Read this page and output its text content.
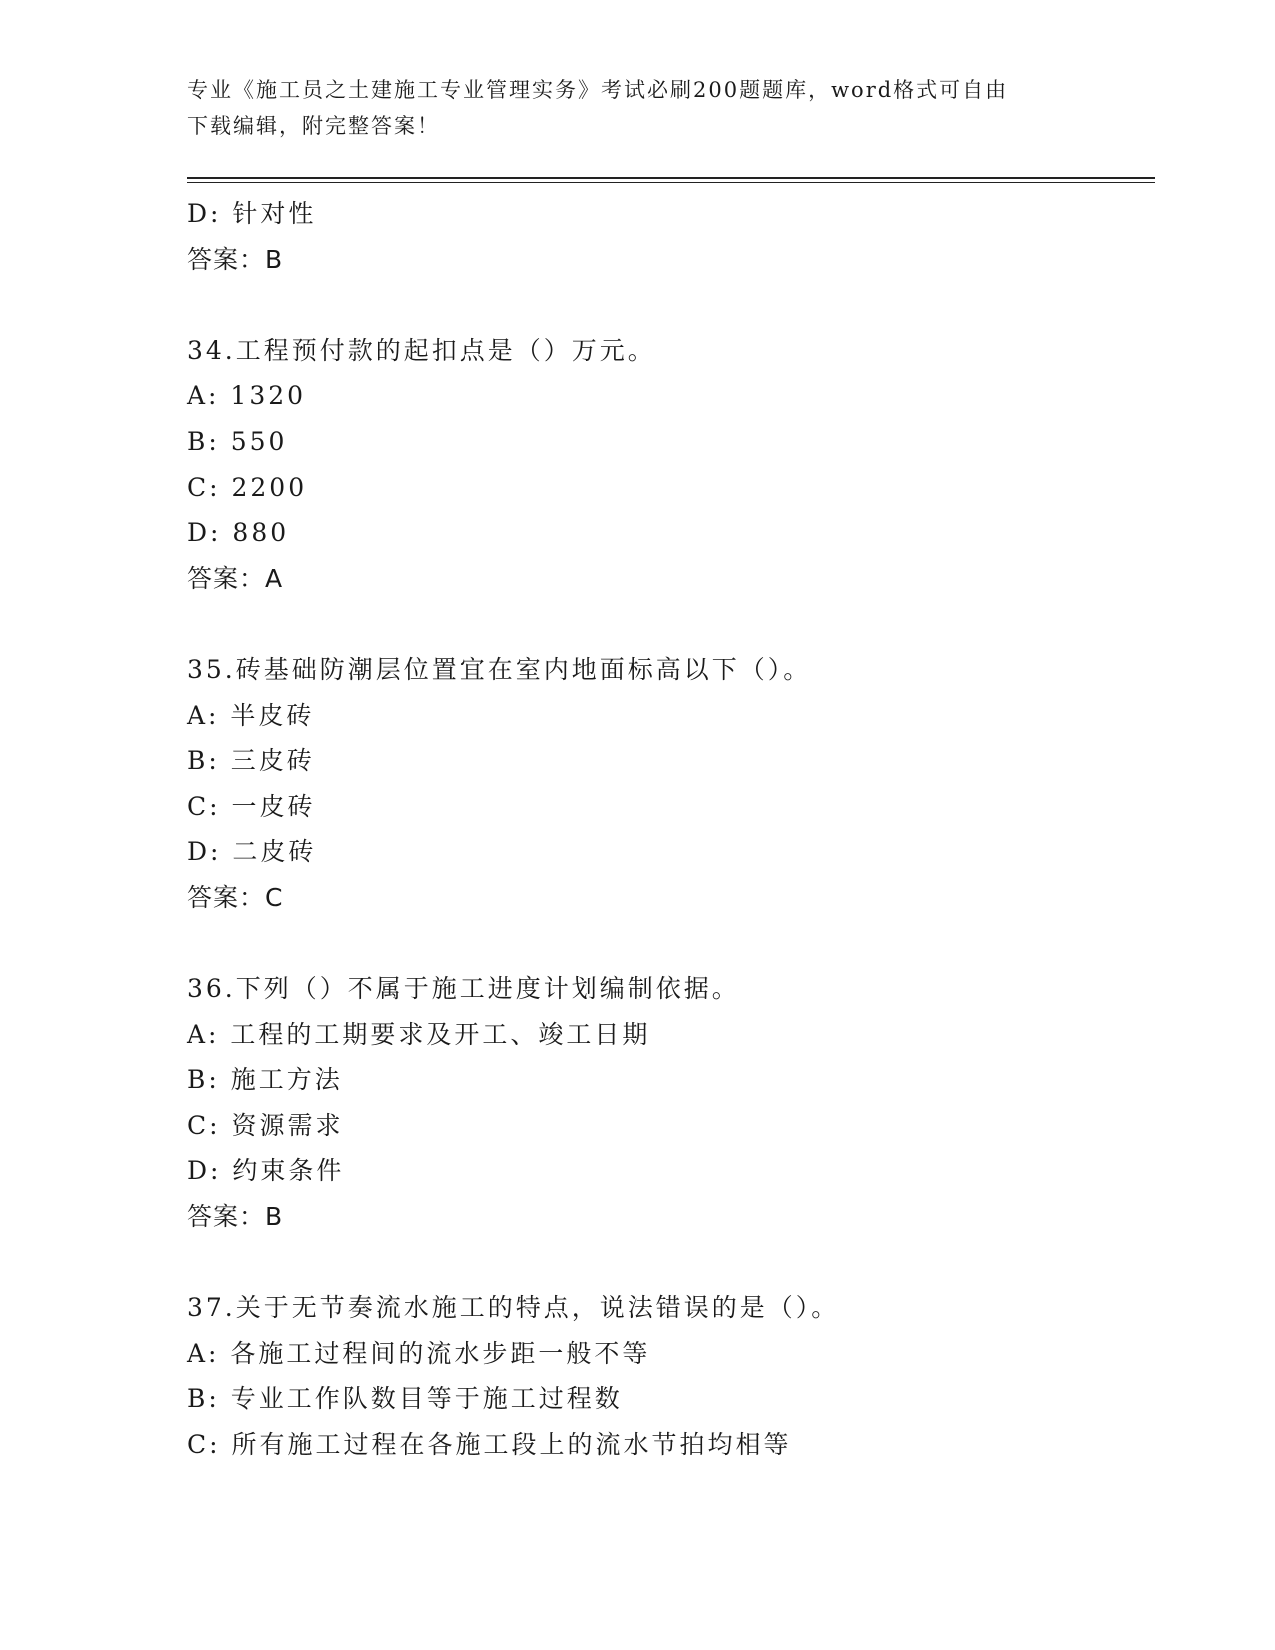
专业《施工员之土建施工专业管理实务》考试必刷200题题库，word格式可自由
下载编辑，附完整答案！
D: 针对性
答案：B
34.工程预付款的起扣点是（）万元。
A: 1320
B: 550
C: 2200
D: 880
答案：A
35.砖基础防潮层位置宜在室内地面标高以下（）。
A: 半皮砖
B: 三皮砖
C: 一皮砖
D: 二皮砖
答案：C
36.下列（）不属于施工进度计划编制依据。
A: 工程的工期要求及开工、竣工日期
B: 施工方法
C: 资源需求
D: 约束条件
答案：B
37.关于无节奏流水施工的特点，说法错误的是（）。
A: 各施工过程间的流水步距一般不等
B: 专业工作队数目等于施工过程数
C: 所有施工过程在各施工段上的流水节拍均相等
